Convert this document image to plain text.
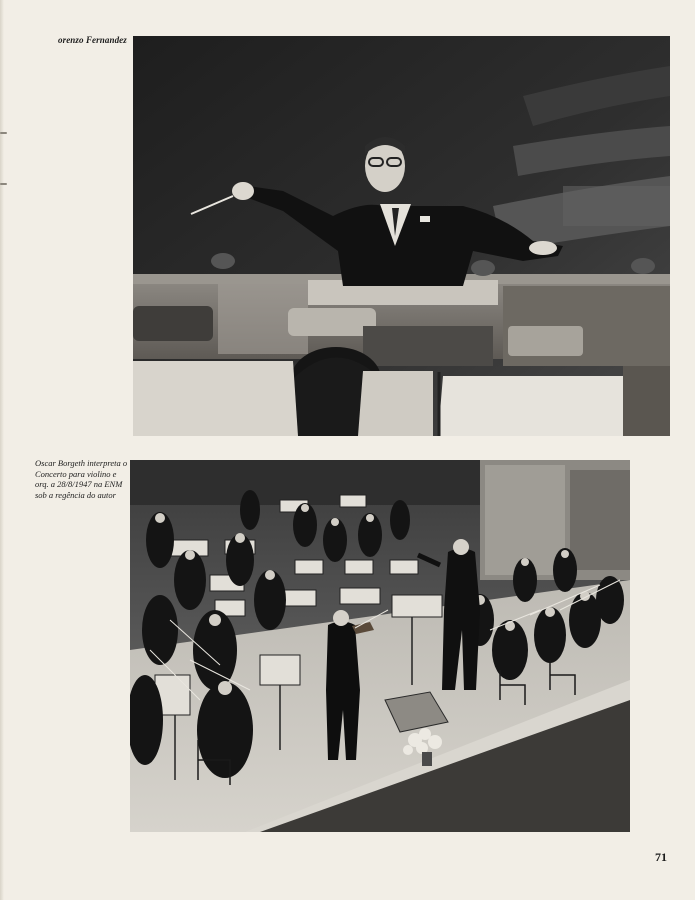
orenzo Fernandez
Oscar Borgeth interpreta o
Concerto para violino e
orq. a 28/8/1947 na ENM
sob a regência do autor
71
